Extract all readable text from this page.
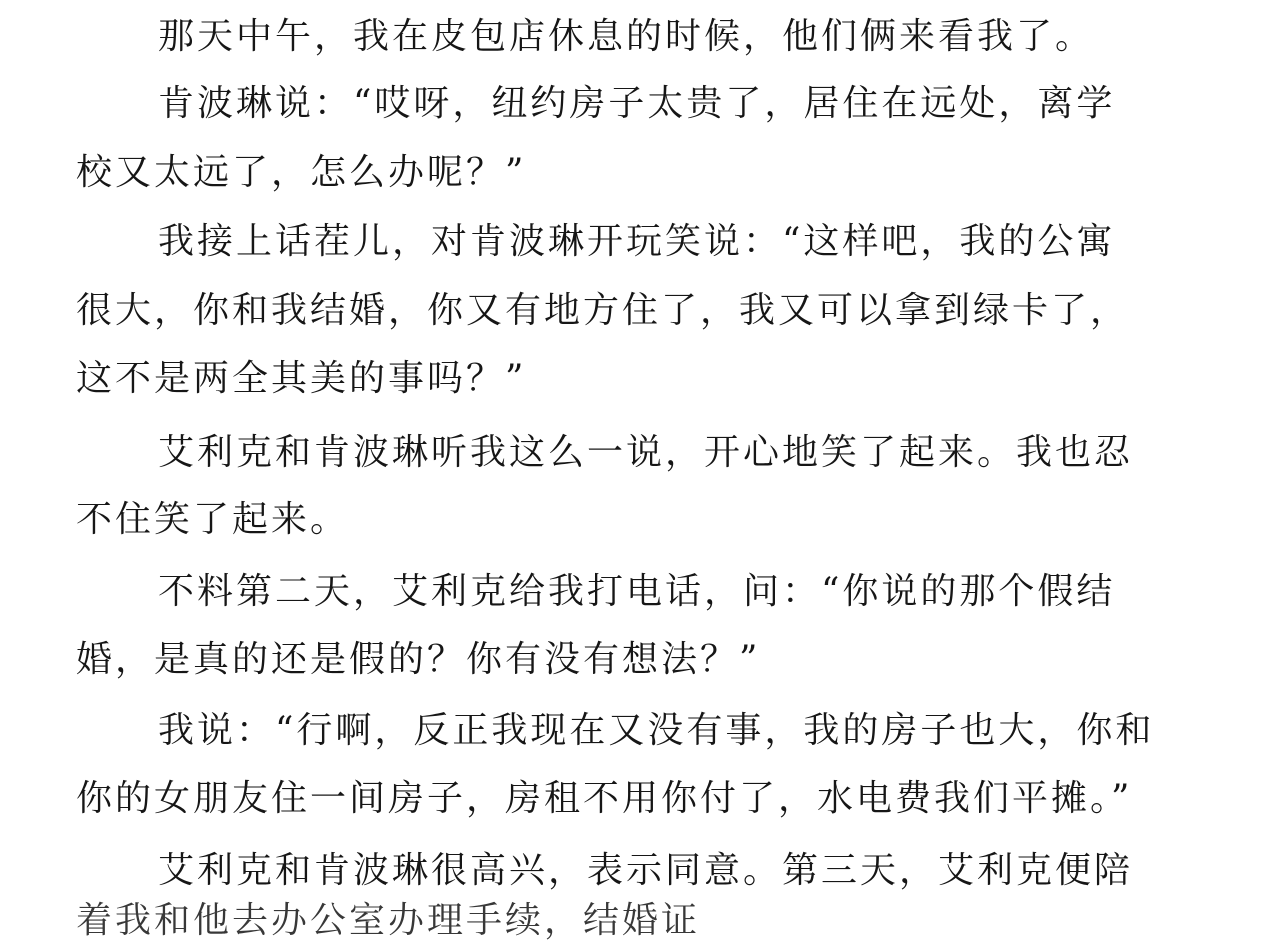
那天中午，我在皮包店休息的时候，他们俩来看我了。
肯波琳说：“哎呀，纽约房子太贵了，居住在远处，离学
校又太远了，怎么办呢？”
我接上话茬儿，对肯波琳开玩笑说：“这样吧，我的公寓
很大，你和我结婚，你又有地方住了，我又可以拿到绿卡了，
这不是两全其美的事吗？”
艾利克和肯波琳听我这么一说，开心地笑了起来。我也忍
不住笑了起来。
不料第二天，艾利克给我打电话，问：“你说的那个假结
婚，是真的还是假的？你有没有想法？”
我说：“行啊，反正我现在又没有事，我的房子也大，你和
你的女朋友住一间房子，房租不用你付了，水电费我们平摊。”
艾利克和肯波琳很高兴，表示同意。第三天，艾利克便陪
着我和他去办公室办理手续，结婚证
